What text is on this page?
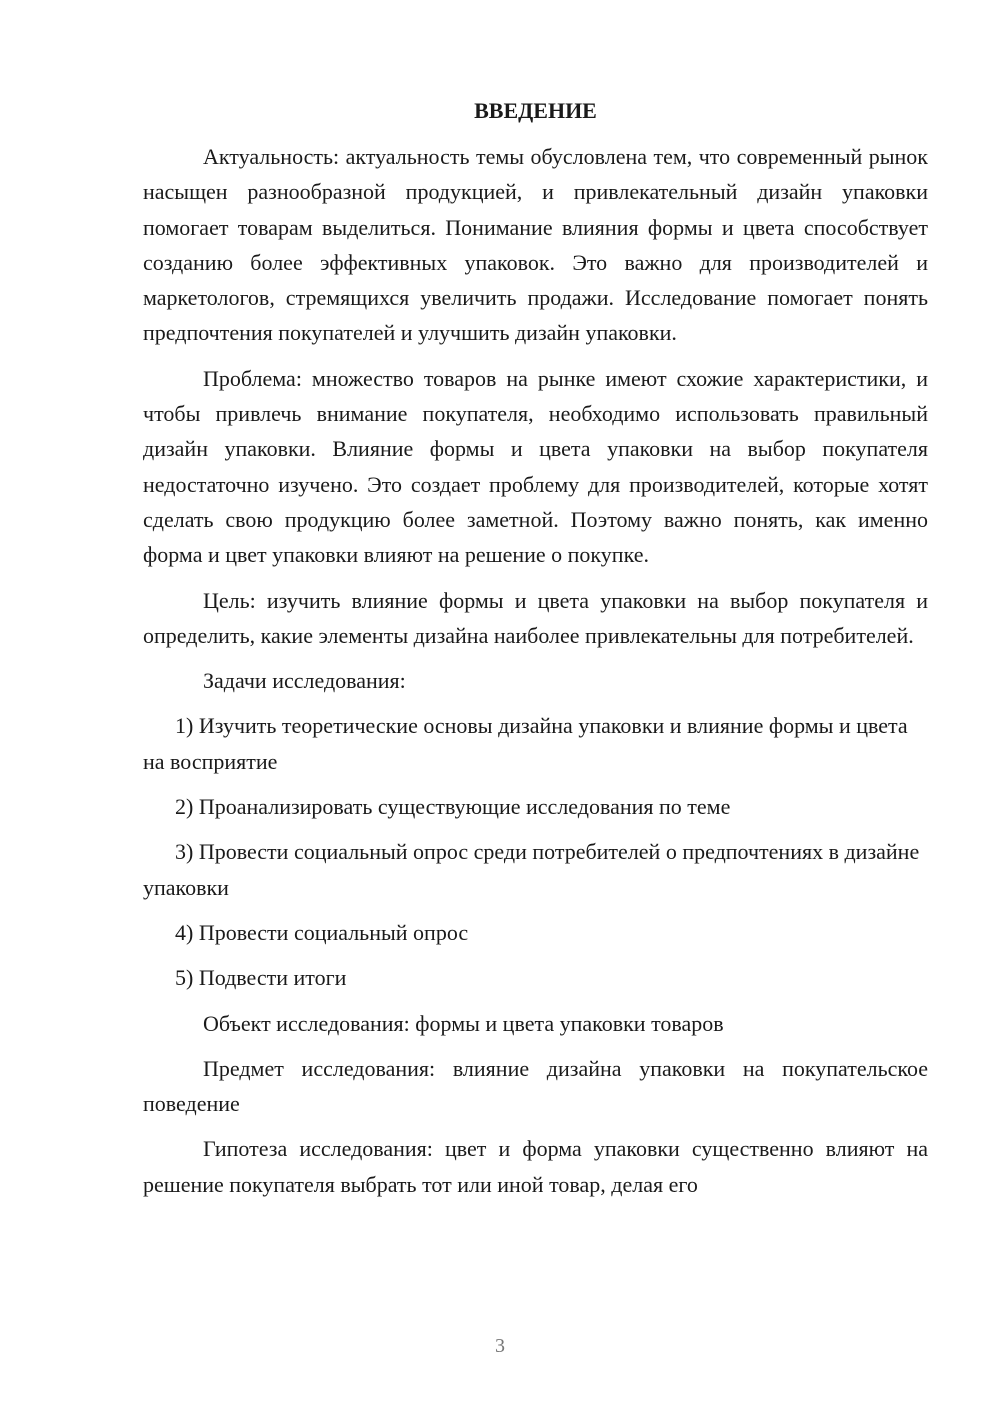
ВВЕДЕНИЕ

Актуальность: актуальность темы обусловлена тем, что современный рынок насыщен разнообразной продукцией, и привлекательный дизайн упаковки помогает товарам выделиться. Понимание влияния формы и цвета способствует созданию более эффективных упаковок. Это важно для производителей и маркетологов, стремящихся увеличить продажи. Исследование помогает понять предпочтения покупателей и улучшить дизайн упаковки.

Проблема: множество товаров на рынке имеют схожие характеристики, и чтобы привлечь внимание покупателя, необходимо использовать правильный дизайн упаковки. Влияние формы и цвета упаковки на выбор покупателя недостаточно изучено. Это создает проблему для производителей, которые хотят сделать свою продукцию более заметной. Поэтому важно понять, как именно форма и цвет упаковки влияют на решение о покупке.

Цель: изучить влияние формы и цвета упаковки на выбор покупателя и определить, какие элементы дизайна наиболее привлекательны для потребителей.

Задачи исследования:

1) Изучить теоретические основы дизайна упаковки и влияние формы и цвета на восприятие

2) Проанализировать существующие исследования по теме

3) Провести социальный опрос среди потребителей о предпочтениях в дизайне упаковки

4) Провести социальный опрос

5) Подвести итоги

Объект исследования: формы и цвета упаковки товаров

Предмет исследования: влияние дизайна упаковки на покупательское поведение

Гипотеза исследования: цвет и форма упаковки существенно влияют на решение покупателя выбрать тот или иной товар, делая его

3
